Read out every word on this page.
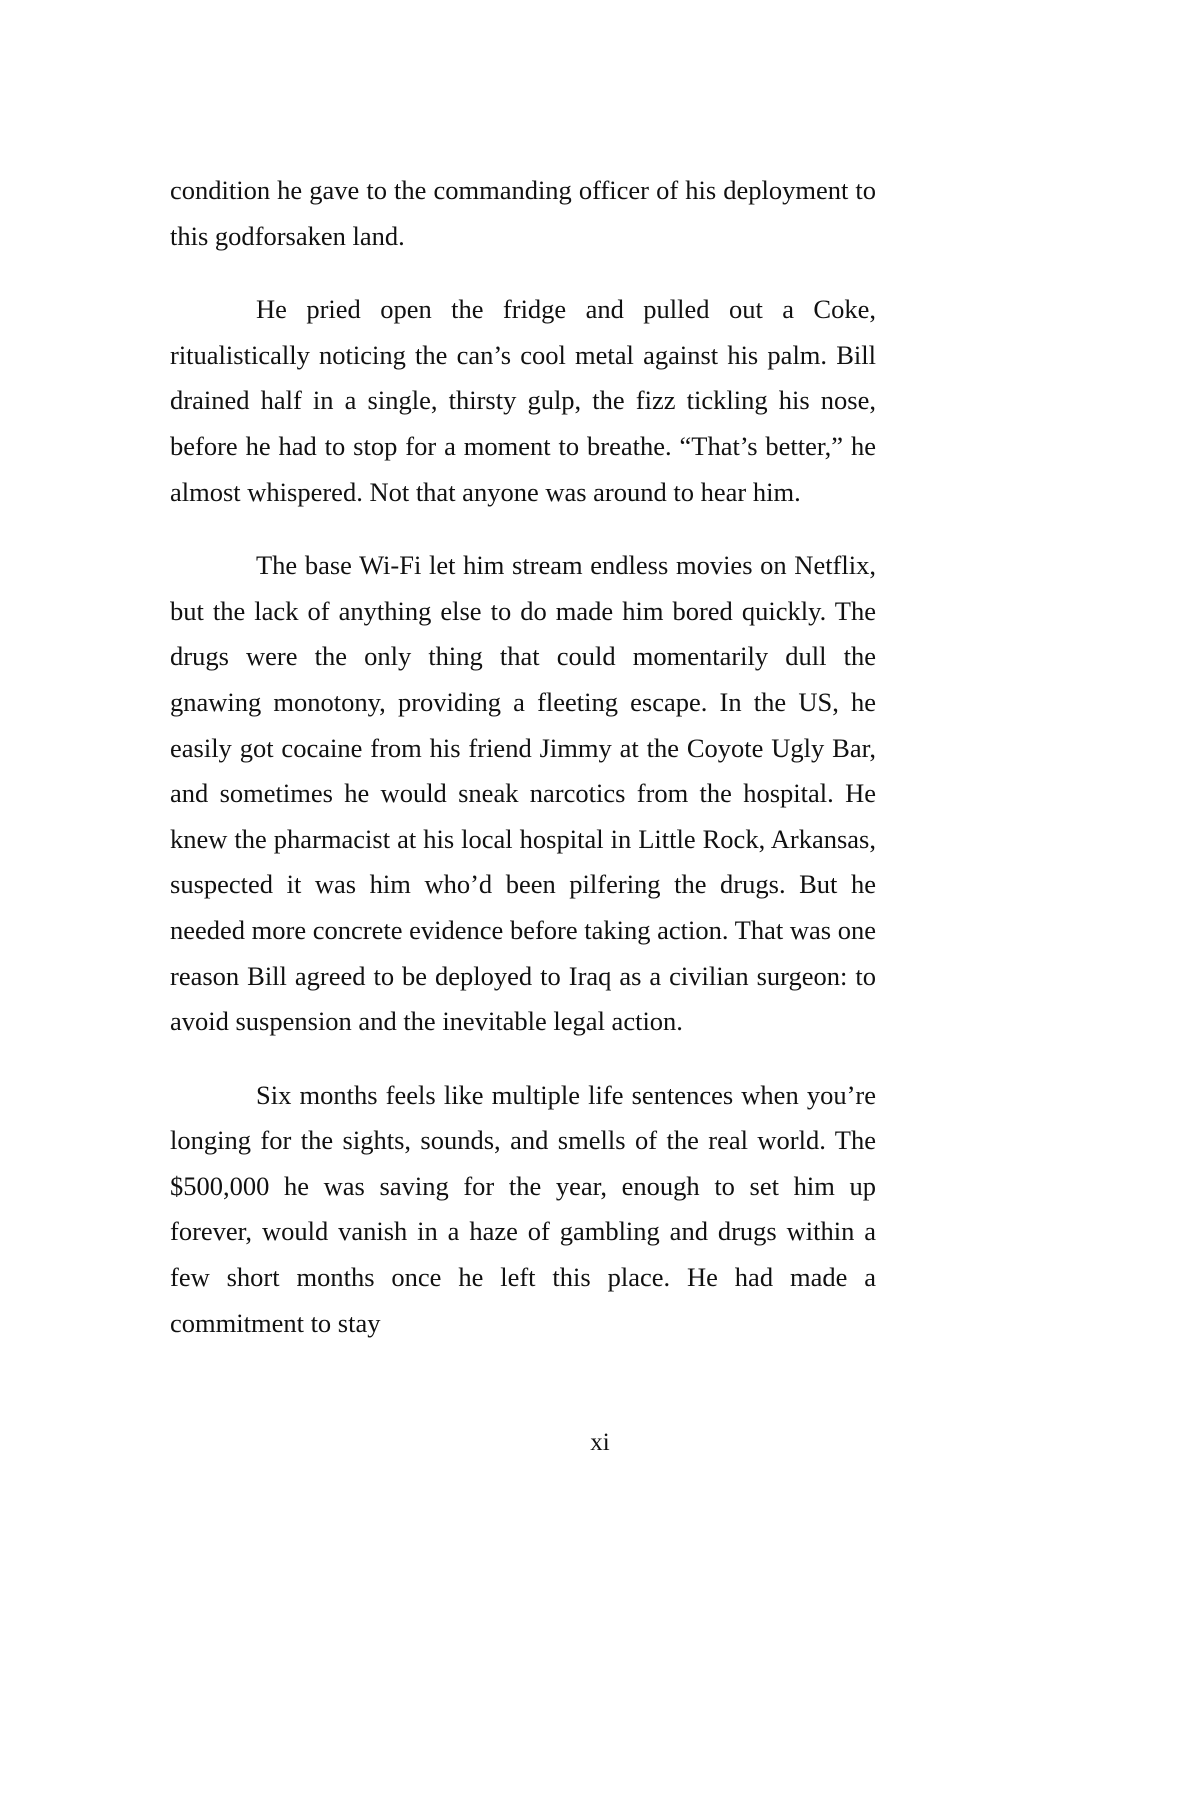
condition he gave to the commanding officer of his deployment to this godforsaken land.

He pried open the fridge and pulled out a Coke, ritualistically noticing the can’s cool metal against his palm. Bill drained half in a single, thirsty gulp, the fizz tickling his nose, before he had to stop for a moment to breathe. “That’s better,” he almost whispered. Not that anyone was around to hear him.

The base Wi-Fi let him stream endless movies on Netflix, but the lack of anything else to do made him bored quickly. The drugs were the only thing that could momentarily dull the gnawing monotony, providing a fleeting escape. In the US, he easily got cocaine from his friend Jimmy at the Coyote Ugly Bar, and sometimes he would sneak narcotics from the hospital. He knew the pharmacist at his local hospital in Little Rock, Arkansas, suspected it was him who’d been pilfering the drugs. But he needed more concrete evidence before taking action. That was one reason Bill agreed to be deployed to Iraq as a civilian surgeon: to avoid suspension and the inevitable legal action.

Six months feels like multiple life sentences when you’re longing for the sights, sounds, and smells of the real world. The $500,000 he was saving for the year, enough to set him up forever, would vanish in a haze of gambling and drugs within a few short months once he left this place. He had made a commitment to stay

xi
